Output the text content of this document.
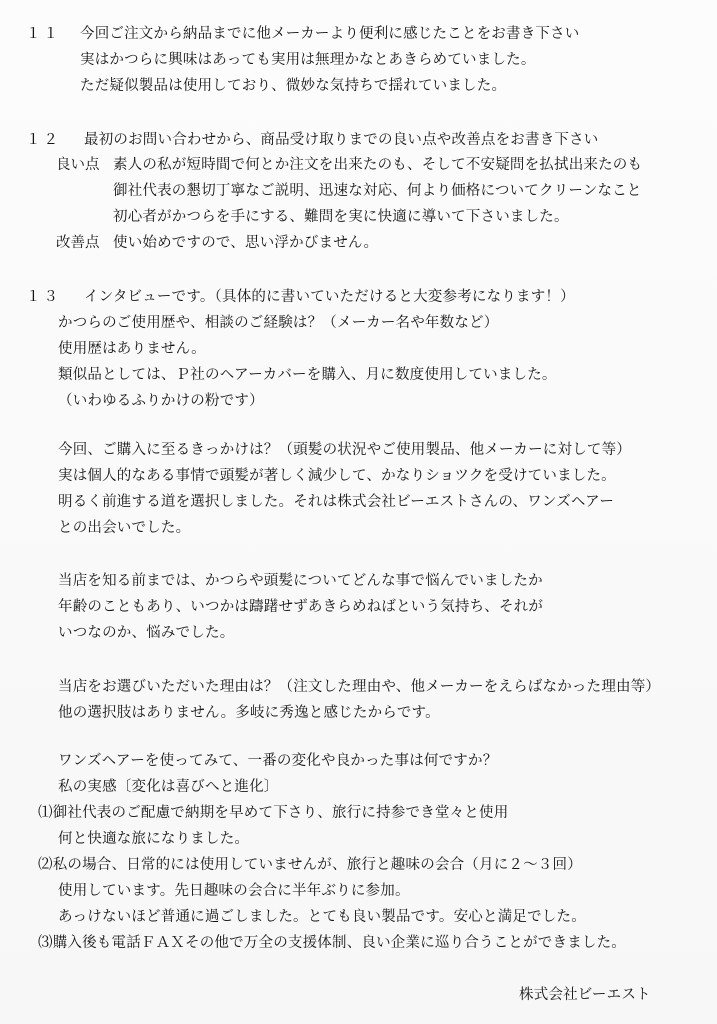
１１ 今回ご注文から納品までに他メーカーより便利に感じたことをお書き下さい
実はかつらに興味はあっても実用は無理かなとあきらめていました。
ただ疑似製品は使用しており、微妙な気持ちで揺れていました。
１２ 最初のお問い合わせから、商品受け取りまでの良い点や改善点をお書き下さい
良い点 素人の私が短時間で何とか注文を出来たのも、そして不安疑問を払拭出来たのも
御社代表の懇切丁寧なご説明、迅速な対応、何より価格についてクリーンなこと
初心者がかつらを手にする、難問を実に快適に導いて下さいました。
改善点 使い始めですので、思い浮かびません。
１３ インタビューです。（具体的に書いていただけると大変参考になります！）
かつらのご使用歴や、相談のご経験は？（メーカー名や年数など）
使用歴はありません。
類似品としては、Ｐ社のヘアーカバーを購入、月に数度使用していました。
（いわゆるふりかけの粉です）
今回、ご購入に至るきっかけは？（頭髪の状況やご使用製品、他メーカーに対して等）
実は個人的なある事情で頭髪が著しく減少して、かなりショツクを受けていました。
明るく前進する道を選択しました。それは株式会社ビーエストさんの、ワンズヘアー
との出会いでした。
当店を知る前までは、かつらや頭髪についてどんな事で悩んでいましたか
年齢のこともあり、いつかは躊躇せずあきらめねばという気持ち、それが
いつなのか、悩みでした。
当店をお選びいただいた理由は？（注文した理由や、他メーカーをえらばなかった理由等）
他の選択肢はありません。多岐に秀逸と感じたからです。
ワンズヘアーを使ってみて、一番の変化や良かった事は何ですか？
私の実感〔変化は喜びへと進化〕
⑴御社代表のご配慮で納期を早めて下さり、旅行に持参でき堂々と使用
何と快適な旅になりました。
⑵私の場合、日常的には使用していませんが、旅行と趣味の会合（月に２～３回）
使用しています。先日趣味の会合に半年ぶりに参加。
あっけないほど普通に過ごしました。とても良い製品です。安心と満足でした。
⑶購入後も電話ＦＡＸその他で万全の支援体制、良い企業に巡り合うことができました。
株式会社ビーエスト
